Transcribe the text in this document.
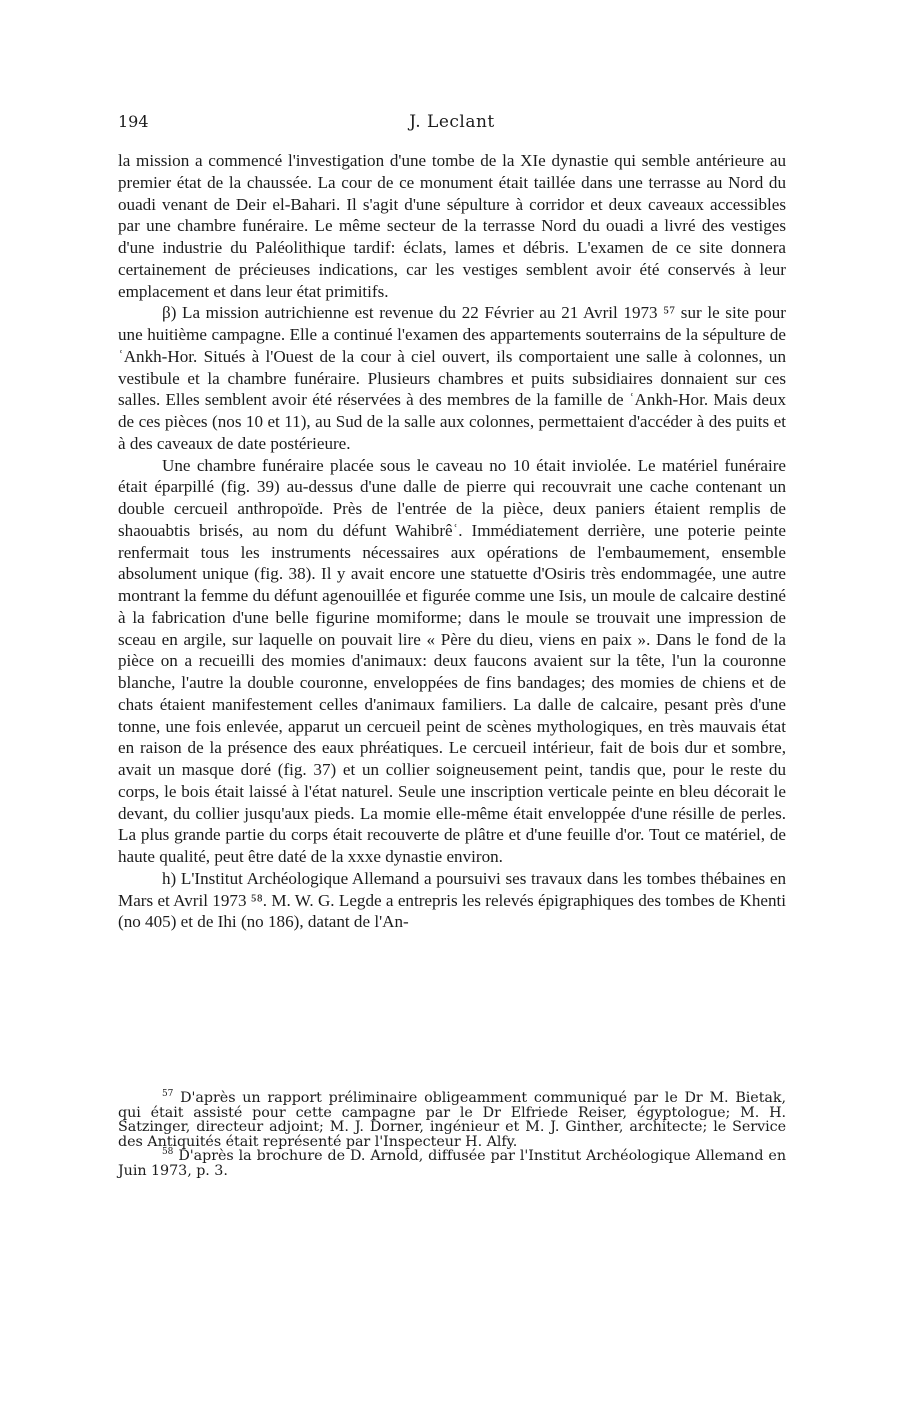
194	J. Leclant

la mission a commencé l'investigation d'une tombe de la XIe dynastie qui semble antérieure au premier état de la chaussée. La cour de ce monument était taillée dans une terrasse au Nord du ouadi venant de Deir el-Bahari. Il s'agit d'une sépulture à corridor et deux caveaux accessibles par une chambre funéraire. Le même secteur de la terrasse Nord du ouadi a livré des vestiges d'une industrie du Paléolithique tardif: éclats, lames et débris. L'examen de ce site donnera certainement de précieuses indications, car les vestiges semblent avoir été conservés à leur emplacement et dans leur état primitifs.

β) La mission autrichienne est revenue du 22 Février au 21 Avril 1973 ⁵⁷ sur le site pour une huitième campagne. Elle a continué l'examen des appartements souterrains de la sépulture de ʿAnkh-Hor. Situés à l'Ouest de la cour à ciel ouvert, ils comportaient une salle à colonnes, un vestibule et la chambre funéraire. Plusieurs chambres et puits subsidiaires donnaient sur ces salles. Elles semblent avoir été réservées à des membres de la famille de ʿAnkh-Hor. Mais deux de ces pièces (nos 10 et 11), au Sud de la salle aux colonnes, permettaient d'accéder à des puits et à des caveaux de date postérieure.

Une chambre funéraire placée sous le caveau no 10 était inviolée. Le matériel funéraire était éparpillé (fig. 39) au-dessus d'une dalle de pierre qui recouvrait une cache contenant un double cercueil anthropoïde. Près de l'entrée de la pièce, deux paniers étaient remplis de shaouabtis brisés, au nom du défunt Wahibrêʿ. Immédiatement derrière, une poterie peinte renfermait tous les instruments nécessaires aux opérations de l'embaumement, ensemble absolument unique (fig. 38). Il y avait encore une statuette d'Osiris très endommagée, une autre montrant la femme du défunt agenouillée et figurée comme une Isis, un moule de calcaire destiné à la fabrication d'une belle figurine momiforme; dans le moule se trouvait une impression de sceau en argile, sur laquelle on pouvait lire « Père du dieu, viens en paix ». Dans le fond de la pièce on a recueilli des momies d'animaux: deux faucons avaient sur la tête, l'un la couronne blanche, l'autre la double couronne, enveloppées de fins bandages; des momies de chiens et de chats étaient manifestement celles d'animaux familiers. La dalle de calcaire, pesant près d'une tonne, une fois enlevée, apparut un cercueil peint de scènes mythologiques, en très mauvais état en raison de la présence des eaux phréatiques. Le cercueil intérieur, fait de bois dur et sombre, avait un masque doré (fig. 37) et un collier soigneusement peint, tandis que, pour le reste du corps, le bois était laissé à l'état naturel. Seule une inscription verticale peinte en bleu décorait le devant, du collier jusqu'aux pieds. La momie elle-même était enveloppée d'une résille de perles. La plus grande partie du corps était recouverte de plâtre et d'une feuille d'or. Tout ce matériel, de haute qualité, peut être daté de la xxxe dynastie environ.

h) L'Institut Archéologique Allemand a poursuivi ses travaux dans les tombes thébaines en Mars et Avril 1973 ⁵⁸. M. W. G. Legde a entrepris les relevés épigraphiques des tombes de Khenti (no 405) et de Ihi (no 186), datant de l'An-

$^{57}$ D'après un rapport préliminaire obligeamment communiqué par le Dr M. Bietak, qui était assisté pour cette campagne par le Dr Elfriede Reiser, égyptologue; M. H. Satzinger, directeur adjoint; M. J. Dorner, ingénieur et M. J. Ginther, architecte; le Service des Antiquités était représenté par l'Inspecteur H. Alfy.

$^{58}$ D'après la brochure de D. Arnold, diffusée par l'Institut Archéologique Allemand en Juin 1973, p. 3.
